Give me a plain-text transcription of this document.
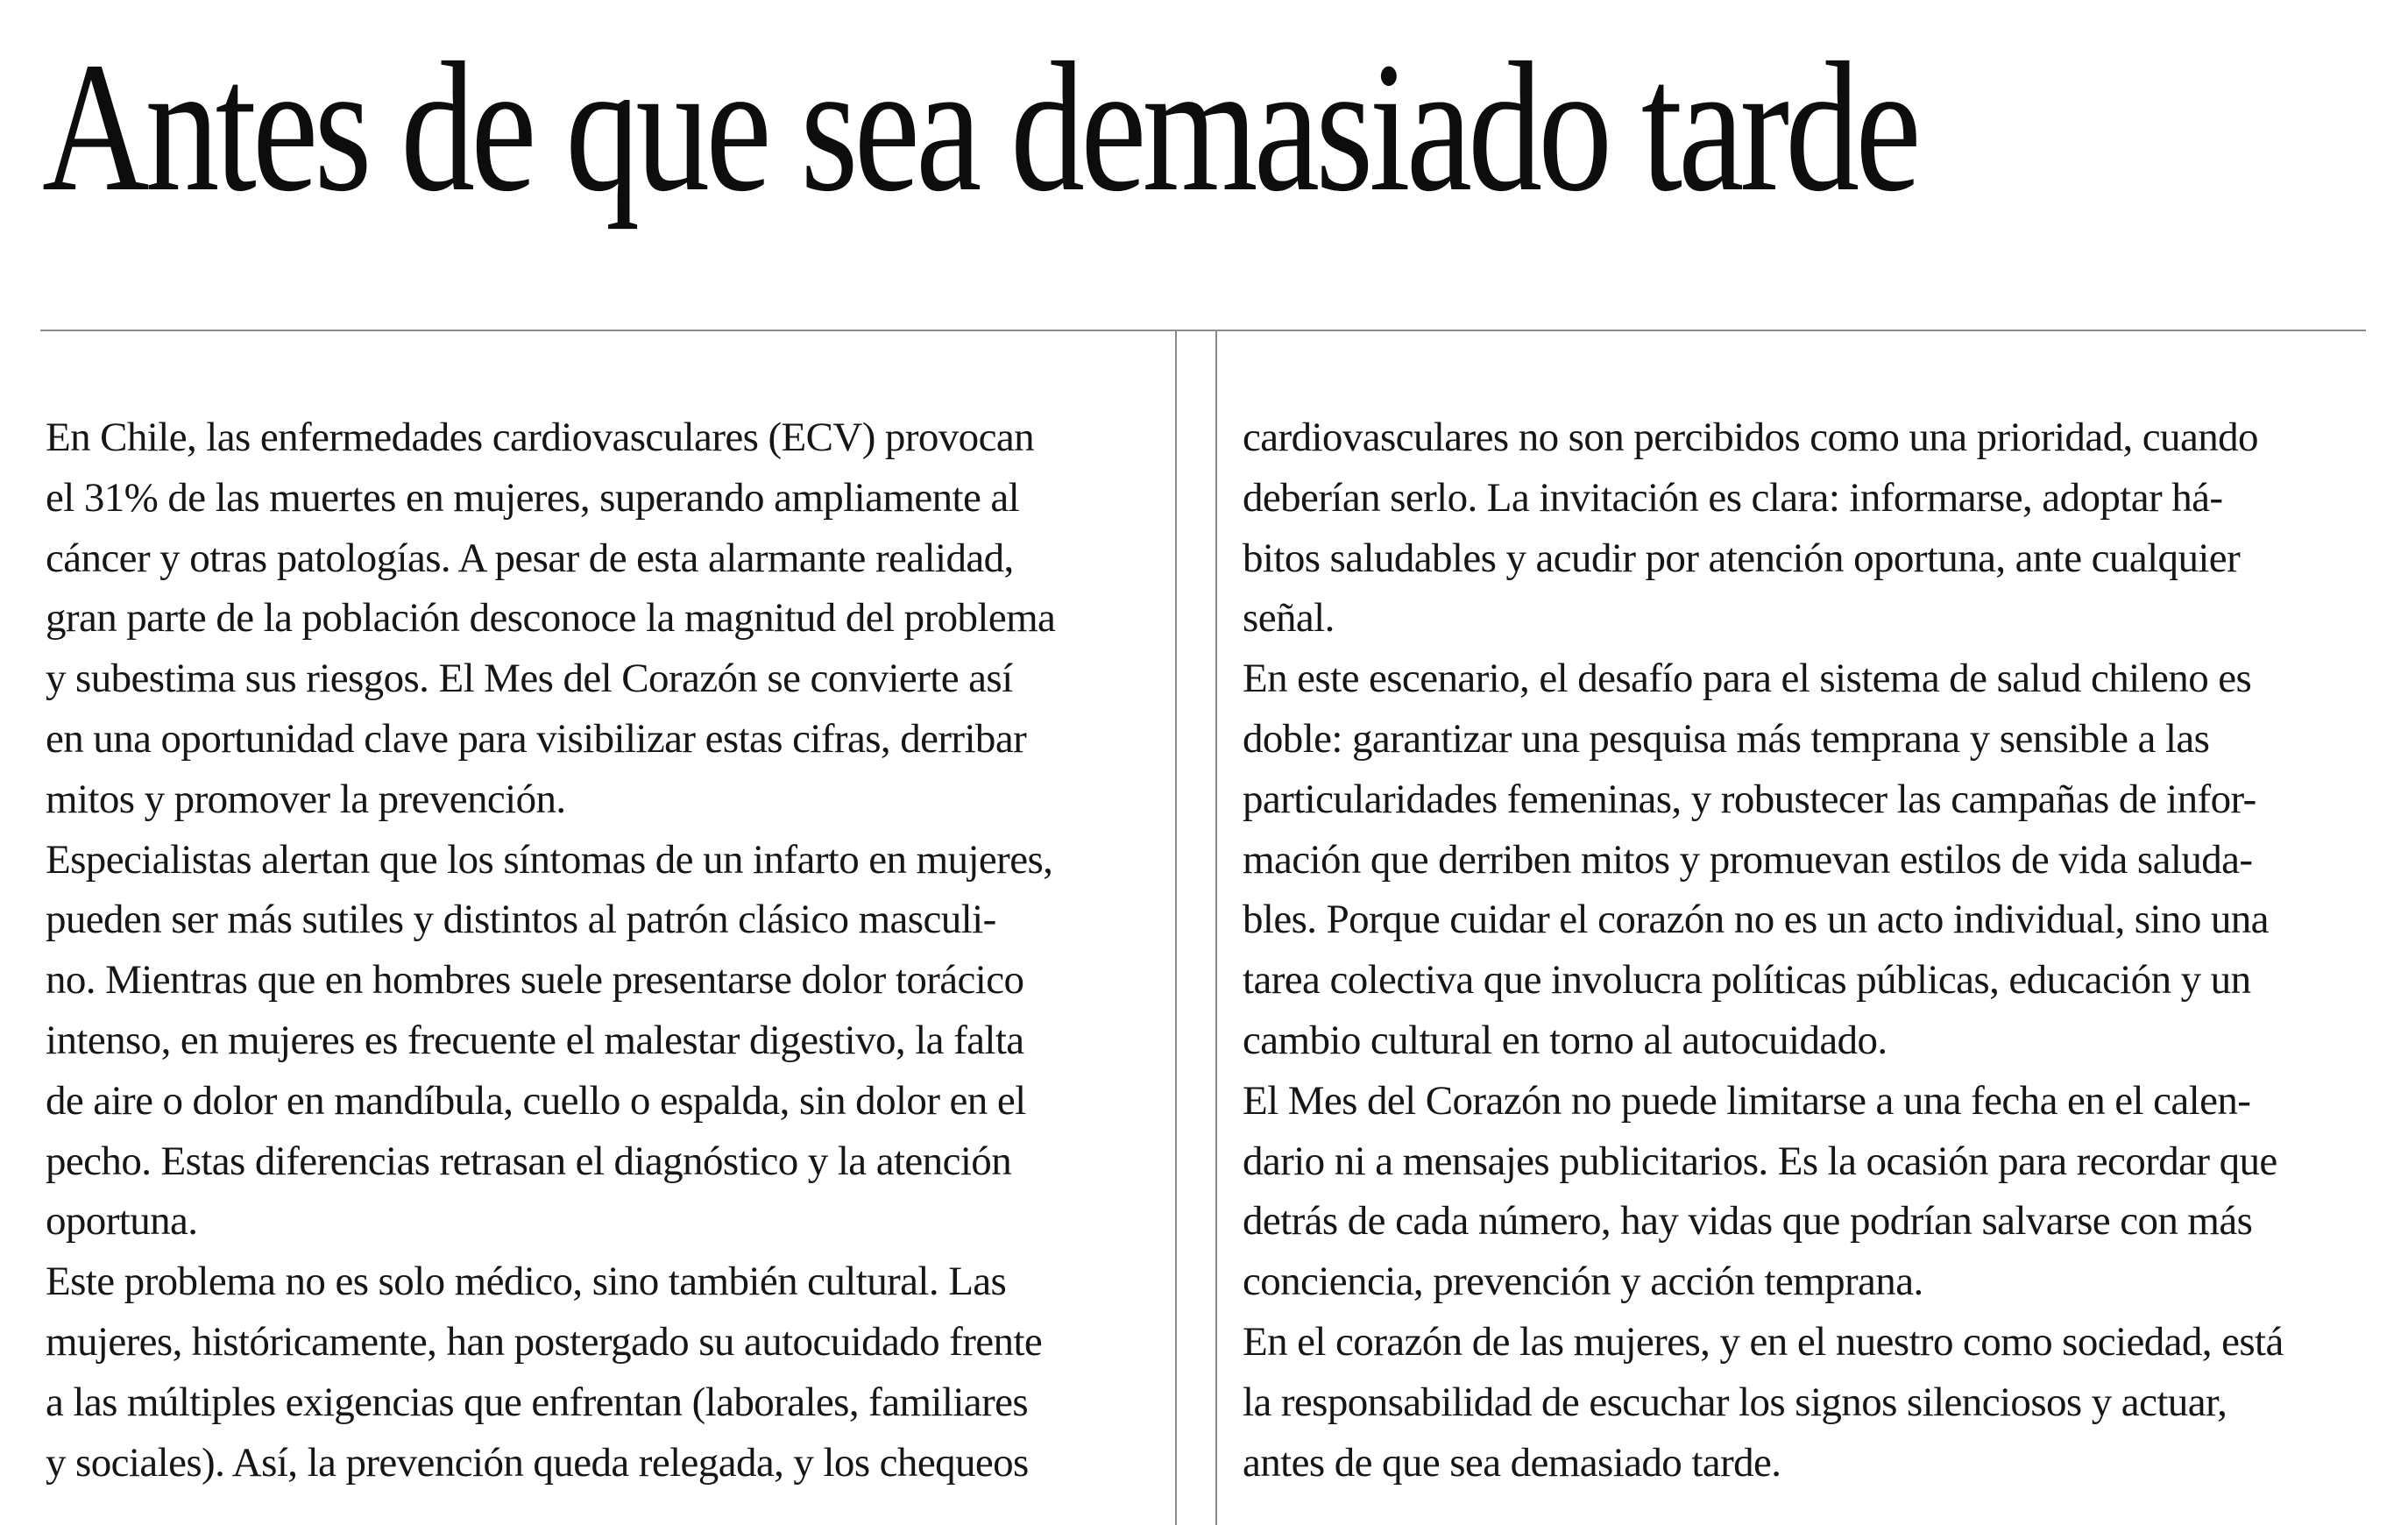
Antes de que sea demasiado tarde
En Chile, las enfermedades cardiovasculares (ECV) provocan
el 31% de las muertes en mujeres, superando ampliamente al
cáncer y otras patologías. A pesar de esta alarmante realidad,
gran parte de la población desconoce la magnitud del problema
y subestima sus riesgos. El Mes del Corazón se convierte así
en una oportunidad clave para visibilizar estas cifras, derribar
mitos y promover la prevención.
Especialistas alertan que los síntomas de un infarto en mujeres,
pueden ser más sutiles y distintos al patrón clásico masculi-
no. Mientras que en hombres suele presentarse dolor torácico
intenso, en mujeres es frecuente el malestar digestivo, la falta
de aire o dolor en mandíbula, cuello o espalda, sin dolor en el
pecho. Estas diferencias retrasan el diagnóstico y la atención
oportuna.
Este problema no es solo médico, sino también cultural. Las
mujeres, históricamente, han postergado su autocuidado frente
a las múltiples exigencias que enfrentan (laborales, familiares
y sociales). Así, la prevención queda relegada, y los chequeos
cardiovasculares no son percibidos como una prioridad, cuando
deberían serlo. La invitación es clara: informarse, adoptar há-
bitos saludables y acudir por atención oportuna, ante cualquier
señal.
En este escenario, el desafío para el sistema de salud chileno es
doble: garantizar una pesquisa más temprana y sensible a las
particularidades femeninas, y robustecer las campañas de infor-
mación que derriben mitos y promuevan estilos de vida saluda-
bles. Porque cuidar el corazón no es un acto individual, sino una
tarea colectiva que involucra políticas públicas, educación y un
cambio cultural en torno al autocuidado.
El Mes del Corazón no puede limitarse a una fecha en el calen-
dario ni a mensajes publicitarios. Es la ocasión para recordar que
detrás de cada número, hay vidas que podrían salvarse con más
conciencia, prevención y acción temprana.
En el corazón de las mujeres, y en el nuestro como sociedad, está
la responsabilidad de escuchar los signos silenciosos y actuar,
antes de que sea demasiado tarde.
